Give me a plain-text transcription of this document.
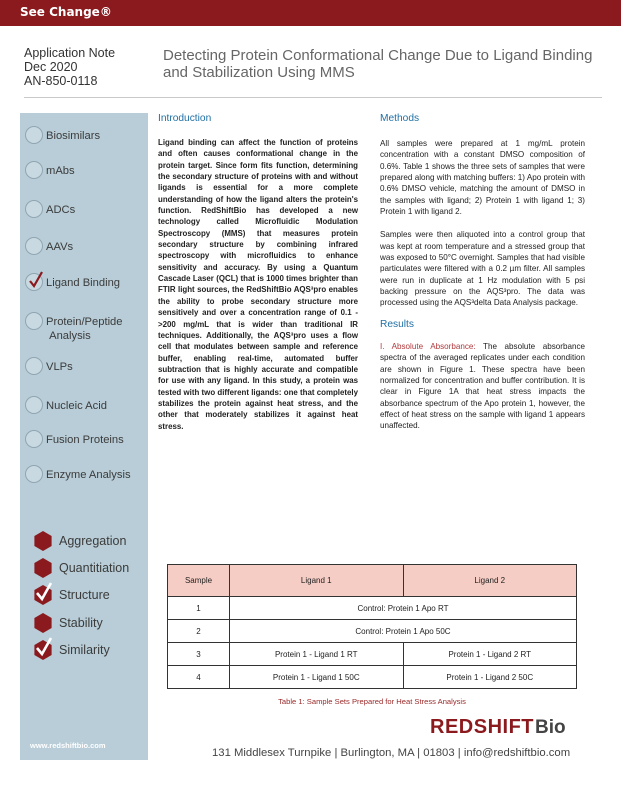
See Change®
Application Note
Dec 2020
AN-850-0118
Detecting Protein Conformational Change Due to Ligand Binding and Stabilization Using MMS
Biosimilars
mAbs
ADCs
AAVs
Ligand Binding
Protein/Peptide
Analysis
VLPs
Nucleic Acid
Fusion Proteins
Enzyme Analysis
Aggregation
Quantitiation
Structure
Stability
Similarity
www.redshiftbio.com
Introduction

Ligand binding can affect the function of proteins and often causes conformational change in the protein target. Since form fits function, determining the secondary structure of proteins with and without ligands is essential for a more complete understanding of how the ligand alters the protein's function. RedShiftBio has developed a new technology called Microfluidic Modulation Spectroscopy (MMS) that measures protein secondary structure by combining infrared spectroscopy with microfluidics to enhance sensitivity and accuracy. By using a Quantum Cascade Laser (QCL) that is 1000 times brighter than FTIR light sources, the RedShiftBio AQS³pro enables the ability to probe secondary structure more sensitively and over a concentration range of 0.1 - >200 mg/mL that is wider than traditional IR techniques. Additionally, the AQS³pro uses a flow cell that modulates between sample and reference buffer, enabling real-time, automated buffer subtraction that is highly accurate and compatible for use with any ligand. In this study, a protein was tested with two different ligands: one that completely stabilizes the protein against heat stress, and the other that moderately stabilizes it against heat stress.

Methods

All samples were prepared at 1 mg/mL protein concentration with a constant DMSO composition of 0.6%. Table 1 shows the three sets of samples that were prepared along with matching buffers: 1) Apo protein with 0.6% DMSO vehicle, matching the amount of DMSO in the samples with ligand; 2) Protein 1 with ligand 1; 3) Protein 1 with ligand 2.

Samples were then aliquoted into a control group that was kept at room temperature and a stressed group that was exposed to 50°C overnight. Samples that had visible particulates were filtered with a 0.2 µm filter. All samples were run in duplicate at 1 Hz modulation with 5 psi backing pressure on the AQS³pro. The data was processed using the AQS³delta Data Analysis package.

Results

I. Absolute Absorbance: The absolute absorbance spectra of the averaged replicates under each condition are shown in Figure 1. These spectra have been normalized for concentration and buffer contribution. It is clear in Figure 1A that heat stress impacts the absorbance spectrum of the Apo protein 1, however, the effect of heat stress on the sample with ligand 1 appears unaffected.

Sample	Ligand 1	Ligand 2
1	Control: Protein 1 Apo RT	
2	Control: Protein 1 Apo 50C	
3	Protein 1 - Ligand 1 RT	Protein 1 - Ligand 2 RT
4	Protein 1 - Ligand 1 50C	Protein 1 - Ligand 2 50C
Table 1: Sample Sets Prepared for Heat Stress Analysis
REDSHIFTBio
131 Middlesex Turnpike | Burlington, MA | 01803 | info@redshiftbio.com
